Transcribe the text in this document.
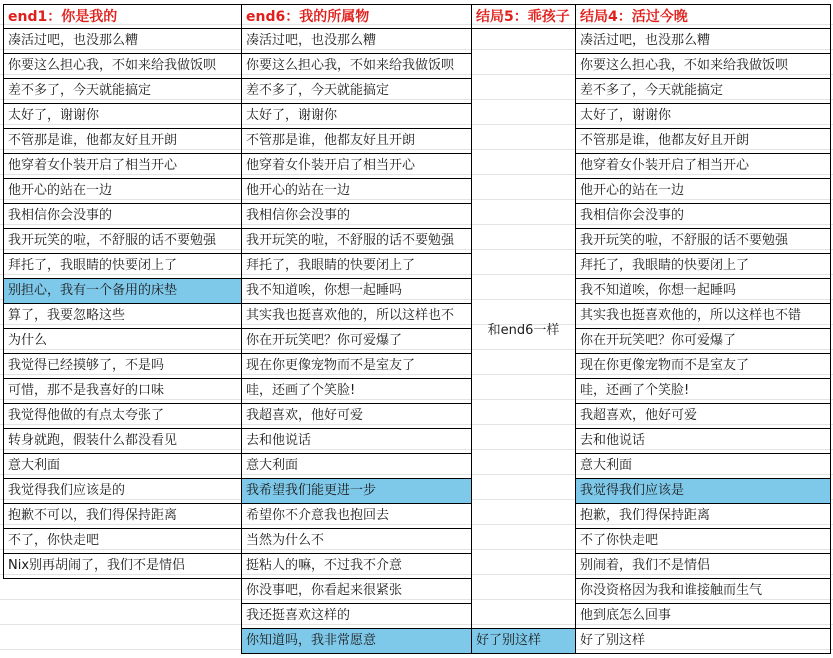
end1：你是我的
凑活过吧，也没那么糟
你要这么担心我，不如来给我做饭呗
差不多了，今天就能搞定
太好了，谢谢你
不管那是谁，他都友好且开朗
他穿着女仆装开启了相当开心
他开心的站在一边
我相信你会没事的
我开玩笑的啦，不舒服的话不要勉强
拜托了，我眼睛的快要闭上了
别担心，我有一个备用的床垫
算了，我要忽略这些
为什么
我觉得已经摸够了，不是吗
可惜，那不是我喜好的口味
我觉得他做的有点太夸张了
转身就跑，假装什么都没看见
意大利面
我觉得我们应该是的
抱歉不可以，我们得保持距离
不了，你快走吧
Nix别再胡闹了，我们不是情侣
end6：我的所属物
凑活过吧，也没那么糟
你要这么担心我，不如来给我做饭呗
差不多了，今天就能搞定
太好了，谢谢你
不管那是谁，他都友好且开朗
他穿着女仆装开启了相当开心
他开心的站在一边
我相信你会没事的
我开玩笑的啦，不舒服的话不要勉强
拜托了，我眼睛的快要闭上了
我不知道唉，你想一起睡吗
其实我也挺喜欢他的，所以这样也不
你在开玩笑吧？你可爱爆了
现在你更像宠物而不是室友了
哇，还画了个笑脸!
我超喜欢，他好可爱
去和他说话
意大利面
我希望我们能更进一步
希望你不介意我也抱回去
当然为什么不
挺粘人的嘛，不过我不介意
你没事吧，你看起来很紧张
我还挺喜欢这样的
你知道吗，我非常愿意
结局5：乖孩子
和end6一样
好了别这样
结局4：活过今晚
凑活过吧，也没那么糟
你要这么担心我，不如来给我做饭呗
差不多了，今天就能搞定
太好了，谢谢你
不管那是谁，他都友好且开朗
他穿着女仆装开启了相当开心
他开心的站在一边
我相信你会没事的
我开玩笑的啦，不舒服的话不要勉强
拜托了，我眼睛的快要闭上了
我不知道唉，你想一起睡吗
其实我也挺喜欢他的，所以这样也不错
你在开玩笑吧？你可爱爆了
现在你更像宠物而不是室友了
哇，还画了个笑脸!
我超喜欢，他好可爱
去和他说话
意大利面
我觉得我们应该是
抱歉，我们得保持距离
不了你快走吧
别闹着，我们不是情侣
你没资格因为我和谁接触而生气
他到底怎么回事
好了别这样
